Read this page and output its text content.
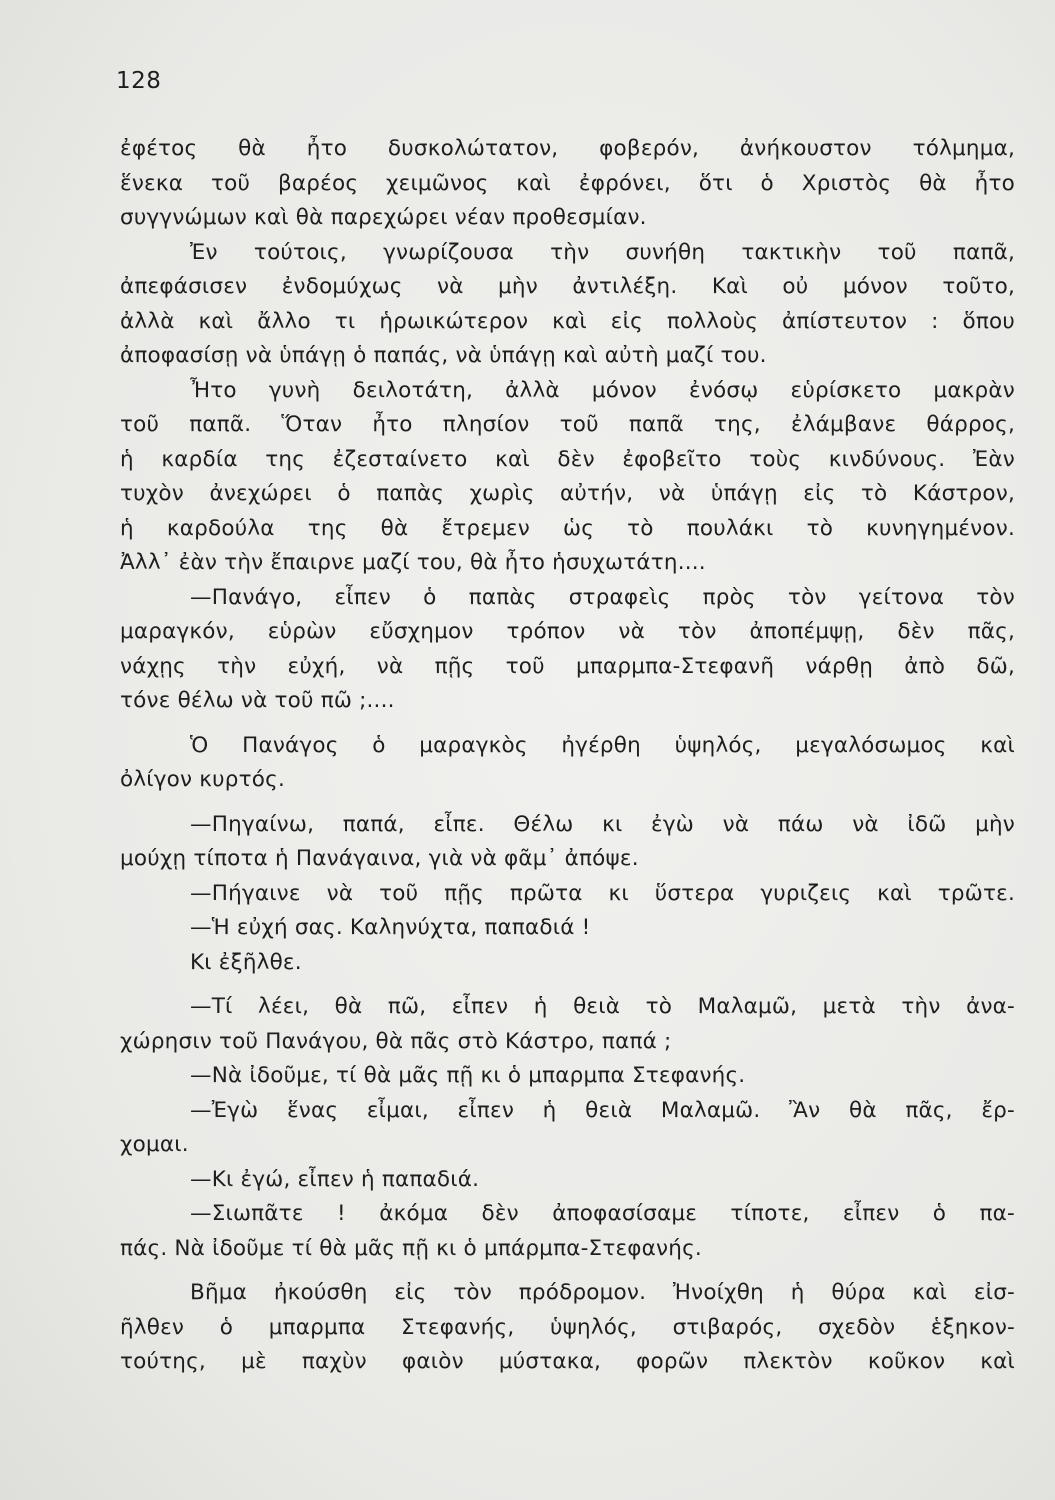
128
ἐφέτος θὰ ἦτο δυσκολώτατον, φοβερόν, ἀνήκουστον τόλμημα,
ἕνεκα τοῦ βαρέος χειμῶνος καὶ ἐφρόνει, ὅτι ὁ Χριστὸς θὰ ἦτο
συγγνώμων καὶ θὰ παρεχώρει νέαν προθεσμίαν.
Ἐν τούτοις, γνωρίζουσα τὴν συνήθη τακτικὴν τοῦ παπᾶ,
ἀπεφάσισεν ἐνδομύχως νὰ μὴν ἀντιλέξη. Καὶ οὐ μόνον τοῦτο,
ἀλλὰ καὶ ἄλλο τι ἡρωικώτερον καὶ εἰς πολλοὺς ἀπίστευτον : ὅπου
ἀποφασίσῃ νὰ ὑπάγῃ ὁ παπάς, νὰ ὑπάγῃ καὶ αὐτὴ μαζί του.
Ἦτο γυνὴ δειλοτάτη, ἀλλὰ μόνον ἐνόσῳ εὑρίσκετο μακρὰν
τοῦ παπᾶ. Ὅταν ἦτο πλησίον τοῦ παπᾶ της, ἐλάμβανε θάρρος,
ἡ καρδία της ἐζεσταίνετο καὶ δὲν ἐφοβεῖτο τοὺς κινδύνους. Ἐὰν
τυχὸν ἀνεχώρει ὁ παπὰς χωρὶς αὐτήν, νὰ ὑπάγῃ εἰς τὸ Κάστρον,
ἡ καρδούλα της θὰ ἔτρεμεν ὡς τὸ πουλάκι τὸ κυνηγημένον.
Ἀλλ᾽ ἐὰν τὴν ἔπαιρνε μαζί του, θὰ ἦτο ἡσυχωτάτη....
—Πανάγο, εἶπεν ὁ παπὰς στραφεὶς πρὸς τὸν γείτονα τὸν
μαραγκόν, εὑρὼν εὔσχημον τρόπον νὰ τὸν ἀποπέμψῃ, δὲν πᾶς,
νάχῃς τὴν εὐχή, νὰ πῇς τοῦ μπαρμπα-Στεφανῆ νάρθῃ ἀπὸ δῶ,
τόνε θέλω νὰ τοῦ πῶ ;....
Ὁ Πανάγος ὁ μαραγκὸς ἠγέρθη ὑψηλός, μεγαλόσωμος καὶ
ὀλίγον κυρτός.
—Πηγαίνω, παπά, εἶπε. Θέλω κι ἐγὼ νὰ πάω νὰ ἰδῶ μὴν
μούχῃ τίποτα ἡ Πανάγαινα, γιὰ νὰ φᾶμ᾽ ἀπόψε.
—Πήγαινε νὰ τοῦ πῇς πρῶτα κι ὕστερα γυριζεις καὶ τρῶτε.
—Ἡ εὐχή σας. Καληνύχτα, παπαδιά !
Κι ἐξῆλθε.
—Τί λέει, θὰ πῶ, εἶπεν ἡ θειὰ τὸ Μαλαμῶ, μετὰ τὴν ἀνα-
χώρησιν τοῦ Πανάγου, θὰ πᾶς στὸ Κάστρο, παπά ;
—Νὰ ἰδοῦμε, τί θὰ μᾶς πῇ κι ὁ μπαρμπα Στεφανής.
—Ἐγὼ ἕνας εἶμαι, εἶπεν ἡ θειὰ Μαλαμῶ. Ἂν θὰ πᾶς, ἔρ-
χομαι.
—Κι ἐγώ, εἶπεν ἡ παπαδιά.
—Σιωπᾶτε ! ἀκόμα δὲν ἀποφασίσαμε τίποτε, εἶπεν ὁ πα-
πάς. Νὰ ἰδοῦμε τί θὰ μᾶς πῇ κι ὁ μπάρμπα-Στεφανής.
Βῆμα ἠκούσθη εἰς τὸν πρόδρομον. Ἠνοίχθη ἡ θύρα καὶ εἰσ-
ῆλθεν ὁ μπαρμπα Στεφανής, ὑψηλός, στιβαρός, σχεδὸν ἑξηκον-
τούτης, μὲ παχὺν φαιὸν μύστακα, φορῶν πλεκτὸν κοῦκον καὶ
